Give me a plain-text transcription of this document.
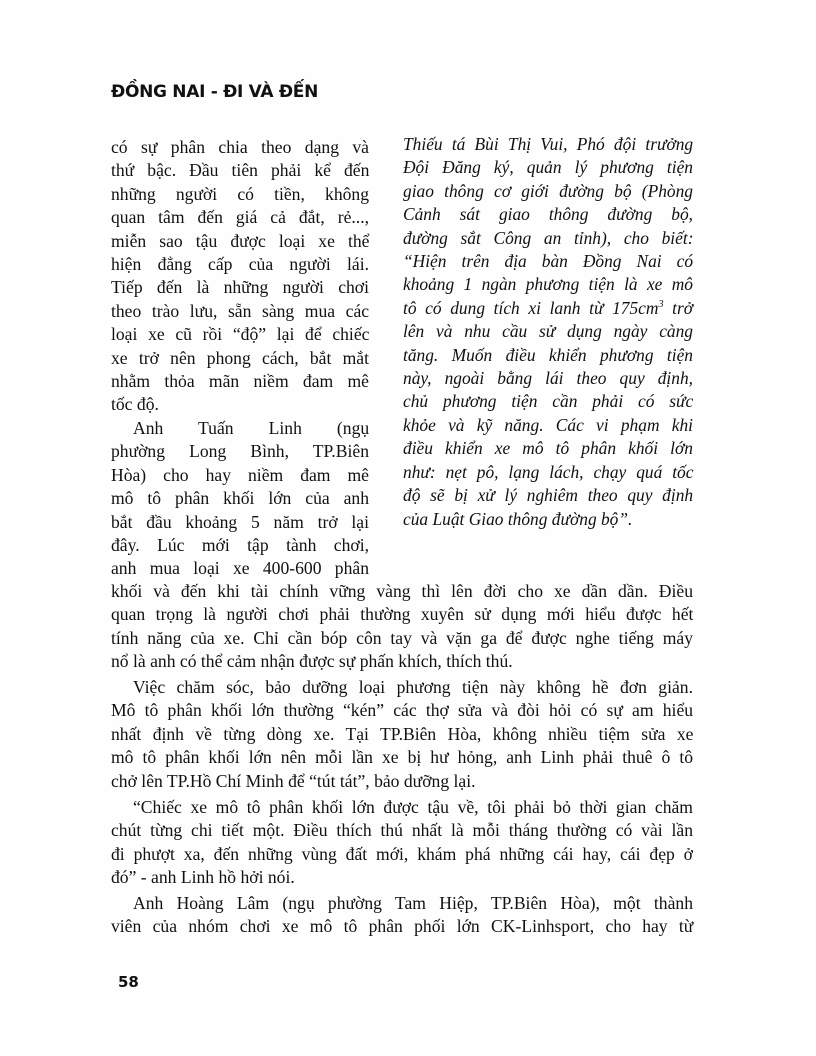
ĐỒNG NAI - ĐI VÀ ĐẾN
có sự phân chia theo dạng và
thứ bậc. Đầu tiên phải kể đến
những người có tiền, không
quan tâm đến giá cả đắt, rẻ...,
miễn sao tậu được loại xe thể
hiện đẳng cấp của người lái.
Tiếp đến là những người chơi
theo trào lưu, sẵn sàng mua các
loại xe cũ rồi “độ” lại để chiếc
xe trở nên phong cách, bắt mắt
nhằm thỏa mãn niềm đam mê
tốc độ.
Anh Tuấn Linh (ngụ
phường Long Bình, TP.Biên
Hòa) cho hay niềm đam mê
mô tô phân khối lớn của anh
bắt đầu khoảng 5 năm trở lại
đây. Lúc mới tập tành chơi,
anh mua loại xe 400-600 phân
Thiếu tá Bùi Thị Vui, Phó đội trưởng
Đội Đăng ký, quản lý phương tiện
giao thông cơ giới đường bộ (Phòng
Cảnh sát giao thông đường bộ,
đường sắt Công an tỉnh), cho biết:
“Hiện trên địa bàn Đồng Nai có
khoảng 1 ngàn phương tiện là xe mô
tô có dung tích xi lanh từ $175cm^3$ trở
lên và nhu cầu sử dụng ngày càng
tăng. Muốn điều khiển phương tiện
này, ngoài bằng lái theo quy định,
chủ phương tiện cần phải có sức
khỏe và kỹ năng. Các vi phạm khi
điều khiển xe mô tô phân khối lớn
như: nẹt pô, lạng lách, chạy quá tốc
độ sẽ bị xử lý nghiêm theo quy định
của Luật Giao thông đường bộ”.
khối và đến khi tài chính vững vàng thì lên đời cho xe dần dần. Điều
quan trọng là người chơi phải thường xuyên sử dụng mới hiểu được hết
tính năng của xe. Chỉ cần bóp côn tay và vặn ga để được nghe tiếng máy
nổ là anh có thể cảm nhận được sự phấn khích, thích thú.
Việc chăm sóc, bảo dưỡng loại phương tiện này không hề đơn giản.
Mô tô phân khối lớn thường “kén” các thợ sửa và đòi hỏi có sự am hiểu
nhất định về từng dòng xe. Tại TP.Biên Hòa, không nhiều tiệm sửa xe
mô tô phân khối lớn nên mỗi lần xe bị hư hỏng, anh Linh phải thuê ô tô
chở lên TP.Hồ Chí Minh để “tút tát”, bảo dưỡng lại.
“Chiếc xe mô tô phân khối lớn được tậu về, tôi phải bỏ thời gian chăm
chút từng chi tiết một. Điều thích thú nhất là mỗi tháng thường có vài lần
đi phượt xa, đến những vùng đất mới, khám phá những cái hay, cái đẹp ở
đó” - anh Linh hồ hởi nói.
Anh Hoàng Lâm (ngụ phường Tam Hiệp, TP.Biên Hòa), một thành
viên của nhóm chơi xe mô tô phân phối lớn CK-Linhsport, cho hay từ
58
